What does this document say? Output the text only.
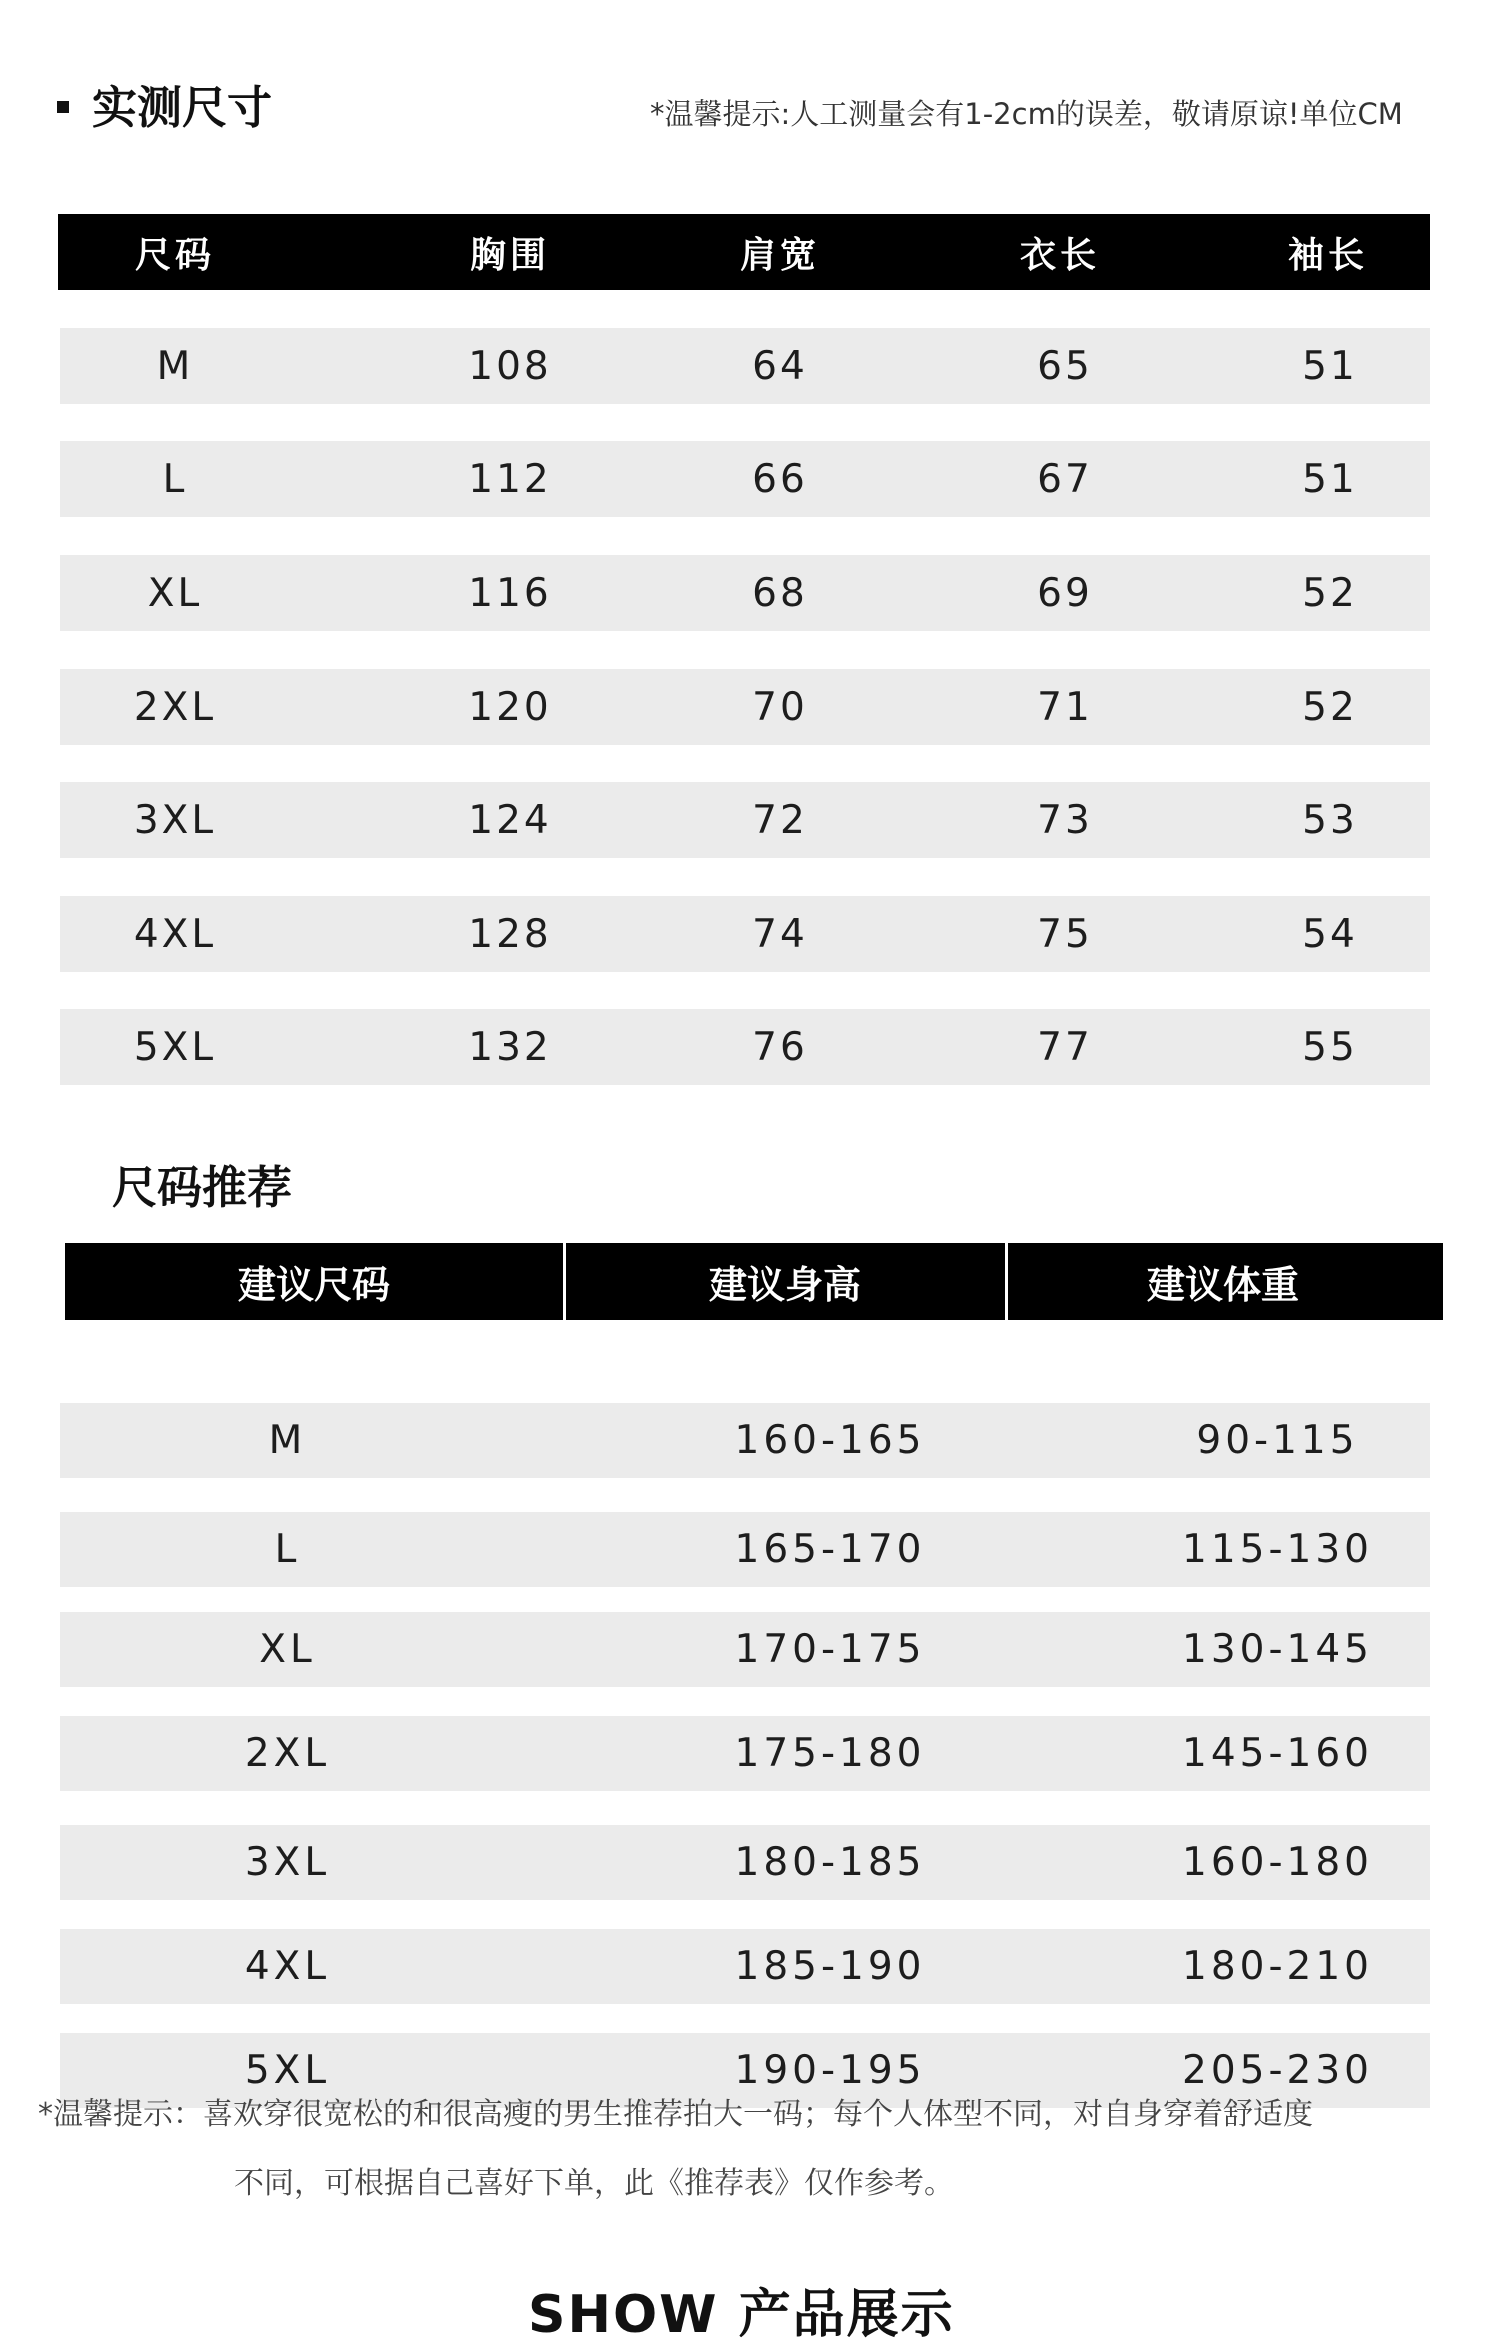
实测尺寸	*温馨提示:人工测量会有1-2cm的误差，敬请原谅!单位CM
尺码	胸围	肩宽	衣长	袖长
M	108	64	65	51
L	112	66	67	51
XL	116	68	69	52
2XL	120	70	71	52
3XL	124	72	73	53
4XL	128	74	75	54
5XL	132	76	77	55
尺码推荐
建议尺码	建议身高	建议体重
M	160-165	90-115
L	165-170	115-130
XL	170-175	130-145
2XL	175-180	145-160
3XL	180-185	160-180
4XL	185-190	180-210
5XL	190-195	205-230
*温馨提示：喜欢穿很宽松的和很高瘦的男生推荐拍大一码；每个人体型不同，对自身穿着舒适度
不同，可根据自己喜好下单，此《推荐表》仅作参考。
SHOW 产品展示
